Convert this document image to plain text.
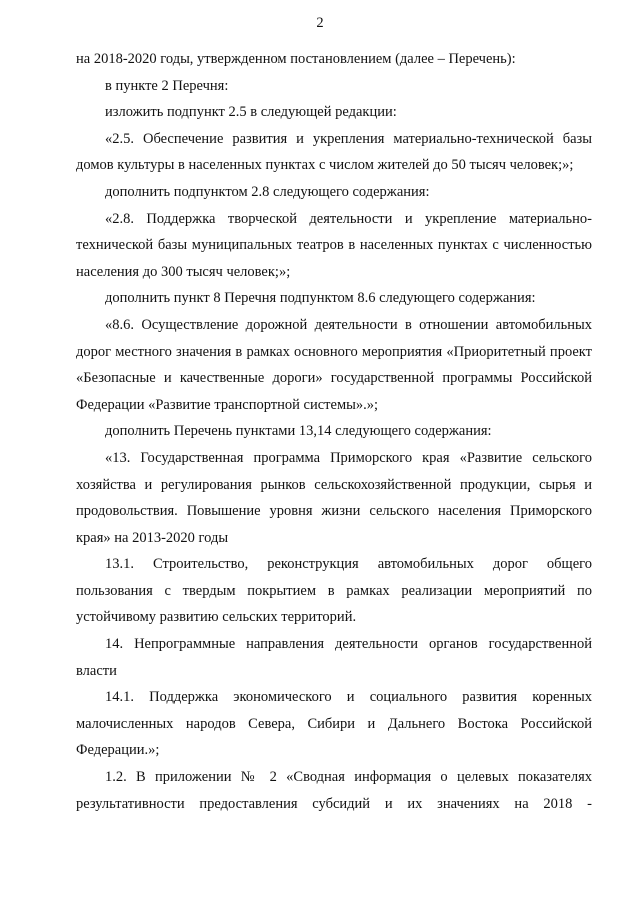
2

на 2018-2020 годы, утвержденном постановлением (далее – Перечень):

в пункте 2 Перечня:

изложить подпункт 2.5 в следующей редакции:

«2.5. Обеспечение развития и укрепления материально-технической базы домов культуры в населенных пунктах с числом жителей до 50 тысяч человек;»;

дополнить подпунктом 2.8 следующего содержания:

«2.8. Поддержка творческой деятельности и укрепление материально-технической базы муниципальных театров в населенных пунктах с численностью населения до 300 тысяч человек;»;

дополнить пункт 8 Перечня подпунктом 8.6 следующего содержания:

«8.6. Осуществление дорожной деятельности в отношении автомобильных дорог местного значения в рамках основного мероприятия «Приоритетный проект «Безопасные и качественные дороги» государственной программы Российской Федерации «Развитие транспортной системы».»;

дополнить Перечень пунктами 13,14 следующего содержания:

«13. Государственная программа Приморского края «Развитие сельского хозяйства и регулирования рынков сельскохозяйственной продукции, сырья и продовольствия. Повышение уровня жизни сельского населения Приморского края» на 2013-2020 годы

13.1. Строительство, реконструкция автомобильных дорог общего пользования с твердым покрытием в рамках реализации мероприятий по устойчивому развитию сельских территорий.

14. Непрограммные направления деятельности органов государственной власти

14.1. Поддержка экономического и социального развития коренных малочисленных народов Севера, Сибири и Дальнего Востока Российской Федерации.»;

1.2. В приложении № 2 «Сводная информация о целевых показателях результативности предоставления субсидий и их значениях на 2018 -
